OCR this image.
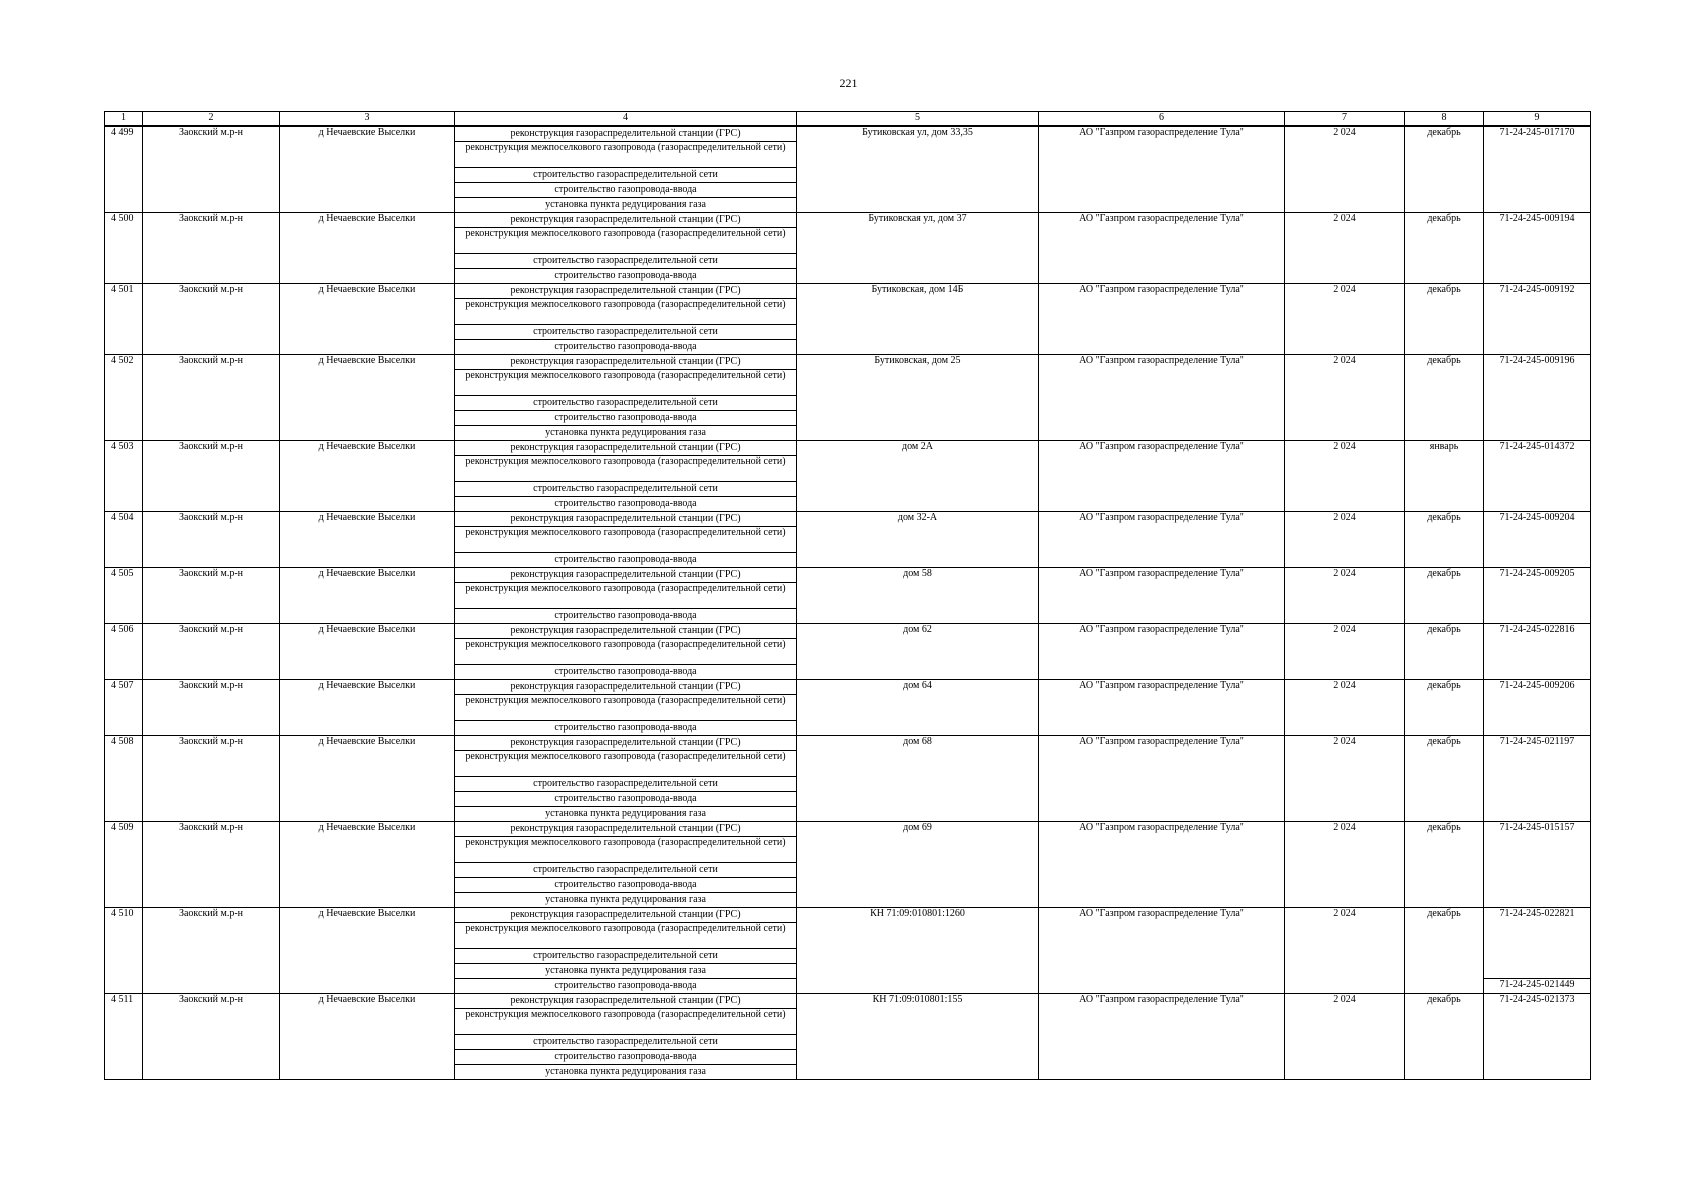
221
1	2	3	4	5	6	7	8	9
4 499	Заокский м.р-н	д Нечаевские Выселки	реконструкция газораспределительной станции (ГРС)	Бутиковская ул, дом 33,35	АО "Газпром газораспределение Тула"	2 024	декабрь	71-24-245-017170
			реконструкция межпоселкового газопровода (газораспределительной сети)					
			строительство газораспределительной сети					
			строительство газопровода-ввода					
			установка пункта редуцирования газа					
4 500	Заокский м.р-н	д Нечаевские Выселки	реконструкция газораспределительной станции (ГРС)	Бутиковская ул, дом 37	АО "Газпром газораспределение Тула"	2 024	декабрь	71-24-245-009194
			реконструкция межпоселкового газопровода (газораспределительной сети)					
			строительство газораспределительной сети					
			строительство газопровода-ввода					
4 501	Заокский м.р-н	д Нечаевские Выселки	реконструкция газораспределительной станции (ГРС)	Бутиковская, дом 14Б	АО "Газпром газораспределение Тула"	2 024	декабрь	71-24-245-009192
			реконструкция межпоселкового газопровода (газораспределительной сети)					
			строительство газораспределительной сети					
			строительство газопровода-ввода					
4 502	Заокский м.р-н	д Нечаевские Выселки	реконструкция газораспределительной станции (ГРС)	Бутиковская, дом 25	АО "Газпром газораспределение Тула"	2 024	декабрь	71-24-245-009196
			реконструкция межпоселкового газопровода (газораспределительной сети)					
			строительство газораспределительной сети					
			строительство газопровода-ввода					
			установка пункта редуцирования газа					
4 503	Заокский м.р-н	д Нечаевские Выселки	реконструкция газораспределительной станции (ГРС)	дом 2А	АО "Газпром газораспределение Тула"	2 024	январь	71-24-245-014372
			реконструкция межпоселкового газопровода (газораспределительной сети)					
			строительство газораспределительной сети					
			строительство газопровода-ввода					
4 504	Заокский м.р-н	д Нечаевские Выселки	реконструкция газораспределительной станции (ГРС)	дом 32-А	АО "Газпром газораспределение Тула"	2 024	декабрь	71-24-245-009204
			реконструкция межпоселкового газопровода (газораспределительной сети)					
			строительство газопровода-ввода					
4 505	Заокский м.р-н	д Нечаевские Выселки	реконструкция газораспределительной станции (ГРС)	дом 58	АО "Газпром газораспределение Тула"	2 024	декабрь	71-24-245-009205
			реконструкция межпоселкового газопровода (газораспределительной сети)					
			строительство газопровода-ввода					
4 506	Заокский м.р-н	д Нечаевские Выселки	реконструкция газораспределительной станции (ГРС)	дом 62	АО "Газпром газораспределение Тула"	2 024	декабрь	71-24-245-022816
			реконструкция межпоселкового газопровода (газораспределительной сети)					
			строительство газопровода-ввода					
4 507	Заокский м.р-н	д Нечаевские Выселки	реконструкция газораспределительной станции (ГРС)	дом 64	АО "Газпром газораспределение Тула"	2 024	декабрь	71-24-245-009206
			реконструкция межпоселкового газопровода (газораспределительной сети)					
			строительство газопровода-ввода					
4 508	Заокский м.р-н	д Нечаевские Выселки	реконструкция газораспределительной станции (ГРС)	дом 68	АО "Газпром газораспределение Тула"	2 024	декабрь	71-24-245-021197
			реконструкция межпоселкового газопровода (газораспределительной сети)					
			строительство газораспределительной сети					
			строительство газопровода-ввода					
			установка пункта редуцирования газа					
4 509	Заокский м.р-н	д Нечаевские Выселки	реконструкция газораспределительной станции (ГРС)	дом 69	АО "Газпром газораспределение Тула"	2 024	декабрь	71-24-245-015157
			реконструкция межпоселкового газопровода (газораспределительной сети)					
			строительство газораспределительной сети					
			строительство газопровода-ввода					
			установка пункта редуцирования газа					
4 510	Заокский м.р-н	д Нечаевские Выселки	реконструкция газораспределительной станции (ГРС)	КН 71:09:010801:1260	АО "Газпром газораспределение Тула"	2 024	декабрь	71-24-245-022821
			реконструкция межпоселкового газопровода (газораспределительной сети)					
			строительство газораспределительной сети					
			установка пункта редуцирования газа					
			строительство газопровода-ввода					71-24-245-021449
4 511	Заокский м.р-н	д Нечаевские Выселки	реконструкция газораспределительной станции (ГРС)	КН 71:09:010801:155	АО "Газпром газораспределение Тула"	2 024	декабрь	71-24-245-021373
			реконструкция межпоселкового газопровода (газораспределительной сети)					
			строительство газораспределительной сети					
			строительство газопровода-ввода					
			установка пункта редуцирования газа					
